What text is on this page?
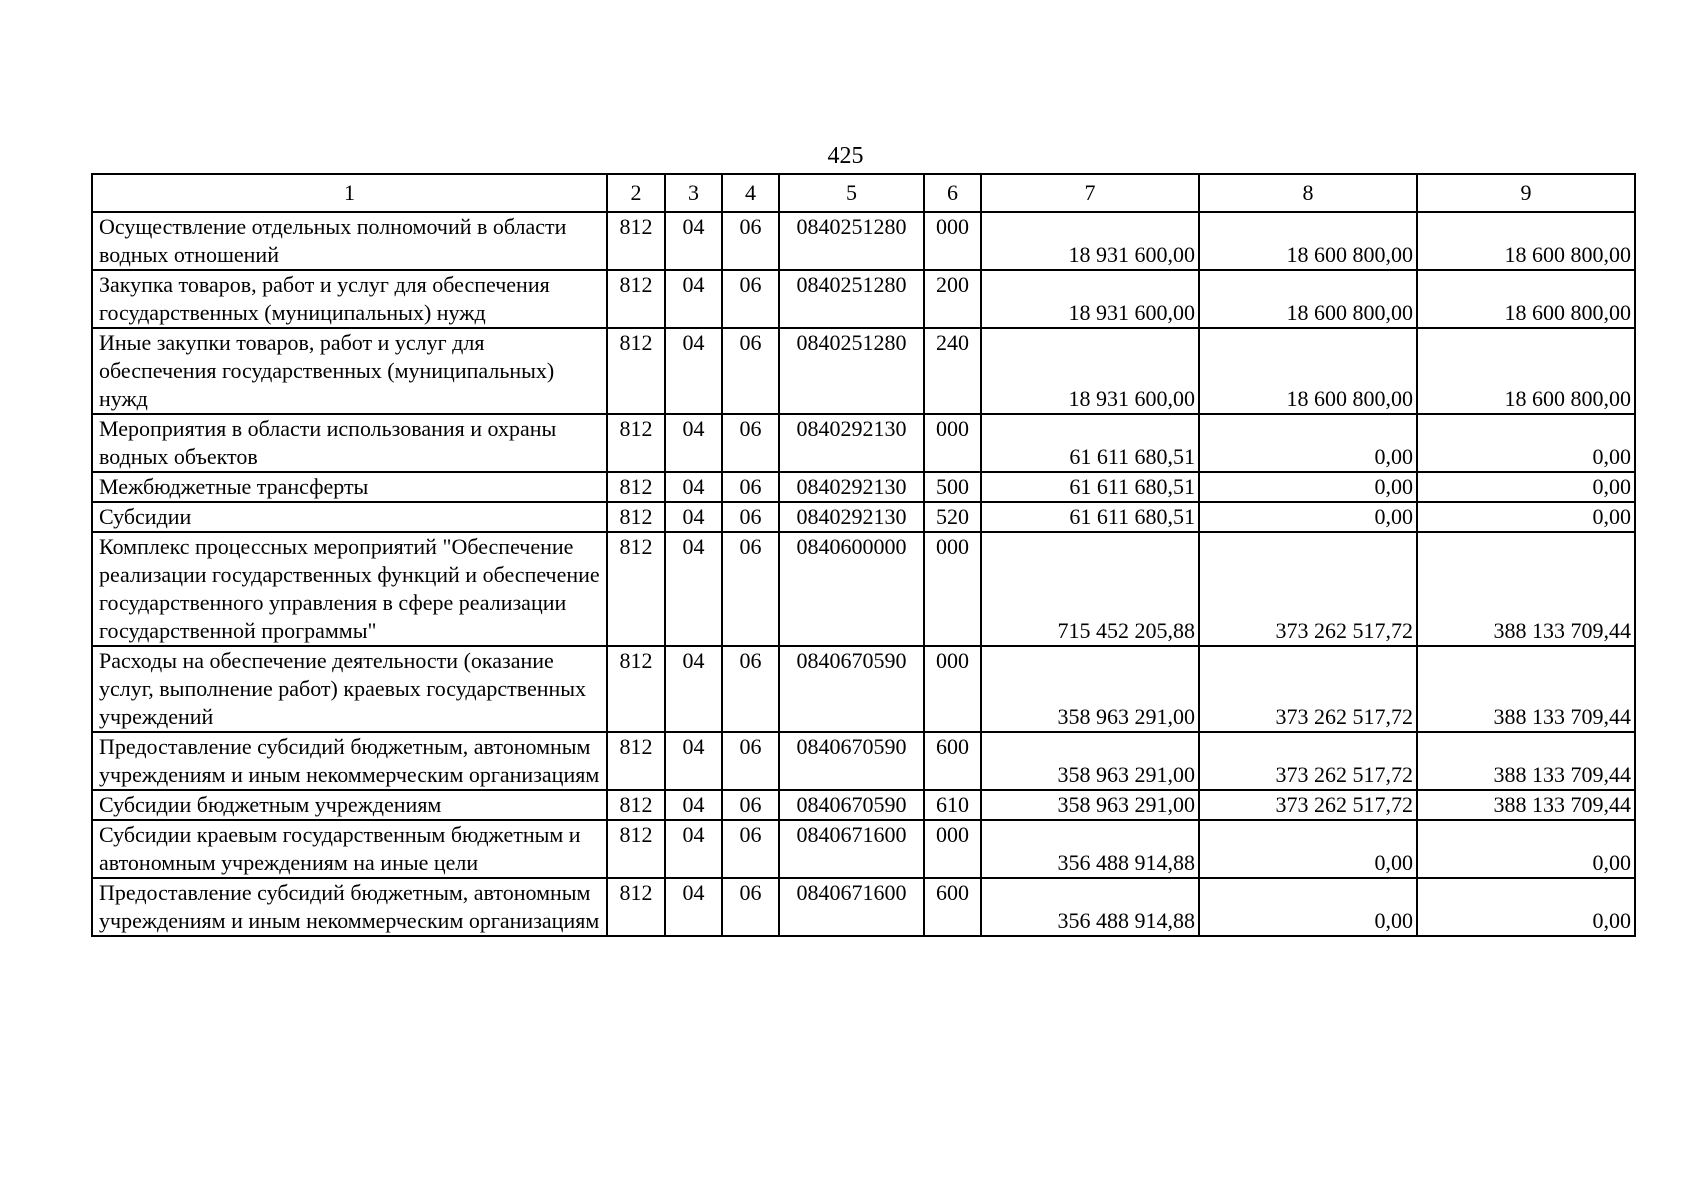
425
1	2	3	4	5	6	7	8	9
Осуществление отдельных полномочий в области водных отношений	812	04	06	0840251280	000	18 931 600,00	18 600 800,00	18 600 800,00
Закупка товаров, работ и услуг для обеспечения государственных (муниципальных) нужд	812	04	06	0840251280	200	18 931 600,00	18 600 800,00	18 600 800,00
Иные закупки товаров, работ и услуг для обеспечения государственных (муниципальных) нужд	812	04	06	0840251280	240	18 931 600,00	18 600 800,00	18 600 800,00
Мероприятия в области использования и охраны водных объектов	812	04	06	0840292130	000	61 611 680,51	0,00	0,00
Межбюджетные трансферты	812	04	06	0840292130	500	61 611 680,51	0,00	0,00
Субсидии	812	04	06	0840292130	520	61 611 680,51	0,00	0,00
Комплекс процессных мероприятий "Обеспечение реализации государственных функций и обеспечение государственного управления в сфере реализации государственной программы"	812	04	06	0840600000	000	715 452 205,88	373 262 517,72	388 133 709,44
Расходы на обеспечение деятельности (оказание услуг, выполнение работ) краевых государственных учреждений	812	04	06	0840670590	000	358 963 291,00	373 262 517,72	388 133 709,44
Предоставление субсидий бюджетным, автономным учреждениям и иным некоммерческим организациям	812	04	06	0840670590	600	358 963 291,00	373 262 517,72	388 133 709,44
Субсидии бюджетным учреждениям	812	04	06	0840670590	610	358 963 291,00	373 262 517,72	388 133 709,44
Субсидии краевым государственным бюджетным и автономным учреждениям на иные цели	812	04	06	0840671600	000	356 488 914,88	0,00	0,00
Предоставление субсидий бюджетным, автономным учреждениям и иным некоммерческим организациям	812	04	06	0840671600	600	356 488 914,88	0,00	0,00
